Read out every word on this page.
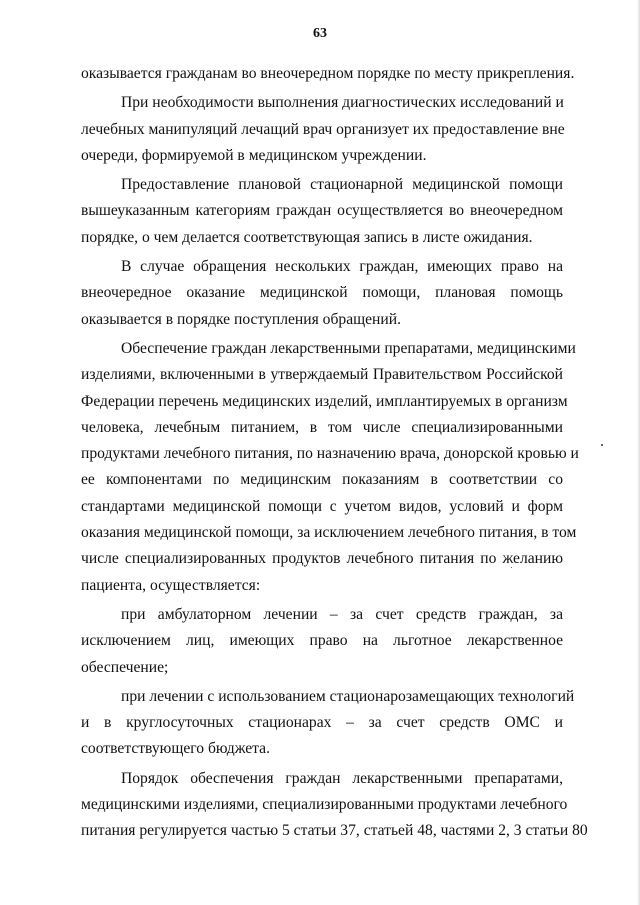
63
оказывается гражданам во внеочередном порядке по месту прикрепления.
При необходимости выполнения диагностических исследований и
лечебных манипуляций лечащий врач организует их предоставление вне
очереди, формируемой в медицинском учреждении.
Предоставление плановой стационарной медицинской помощи
вышеуказанным категориям граждан осуществляется во внеочередном
порядке, о чем делается соответствующая запись в листе ожидания.
В случае обращения нескольких граждан, имеющих право на
внеочередное оказание медицинской помощи, плановая помощь
оказывается в порядке поступления обращений.
Обеспечение граждан лекарственными препаратами, медицинскими
изделиями, включенными в утверждаемый Правительством Российской
Федерации перечень медицинских изделий, имплантируемых в организм
человека, лечебным питанием, в том числе специализированными
продуктами лечебного питания, по назначению врача, донорской кровью и
ее компонентами по медицинским показаниям в соответствии со
стандартами медицинской помощи с учетом видов, условий и форм
оказания медицинской помощи, за исключением лечебного питания, в том
числе специализированных продуктов лечебного питания по желанию
пациента, осуществляется:
при амбулаторном лечении – за счет средств граждан, за
исключением лиц, имеющих право на льготное лекарственное
обеспечение;
при лечении с использованием стационарозамещающих технологий
и в круглосуточных стационарах – за счет средств ОМС и
соответствующего бюджета.
Порядок обеспечения граждан лекарственными препаратами,
медицинскими изделиями, специализированными продуктами лечебного
питания регулируется частью 5 статьи 37, статьей 48, частями 2, 3 статьи 80
